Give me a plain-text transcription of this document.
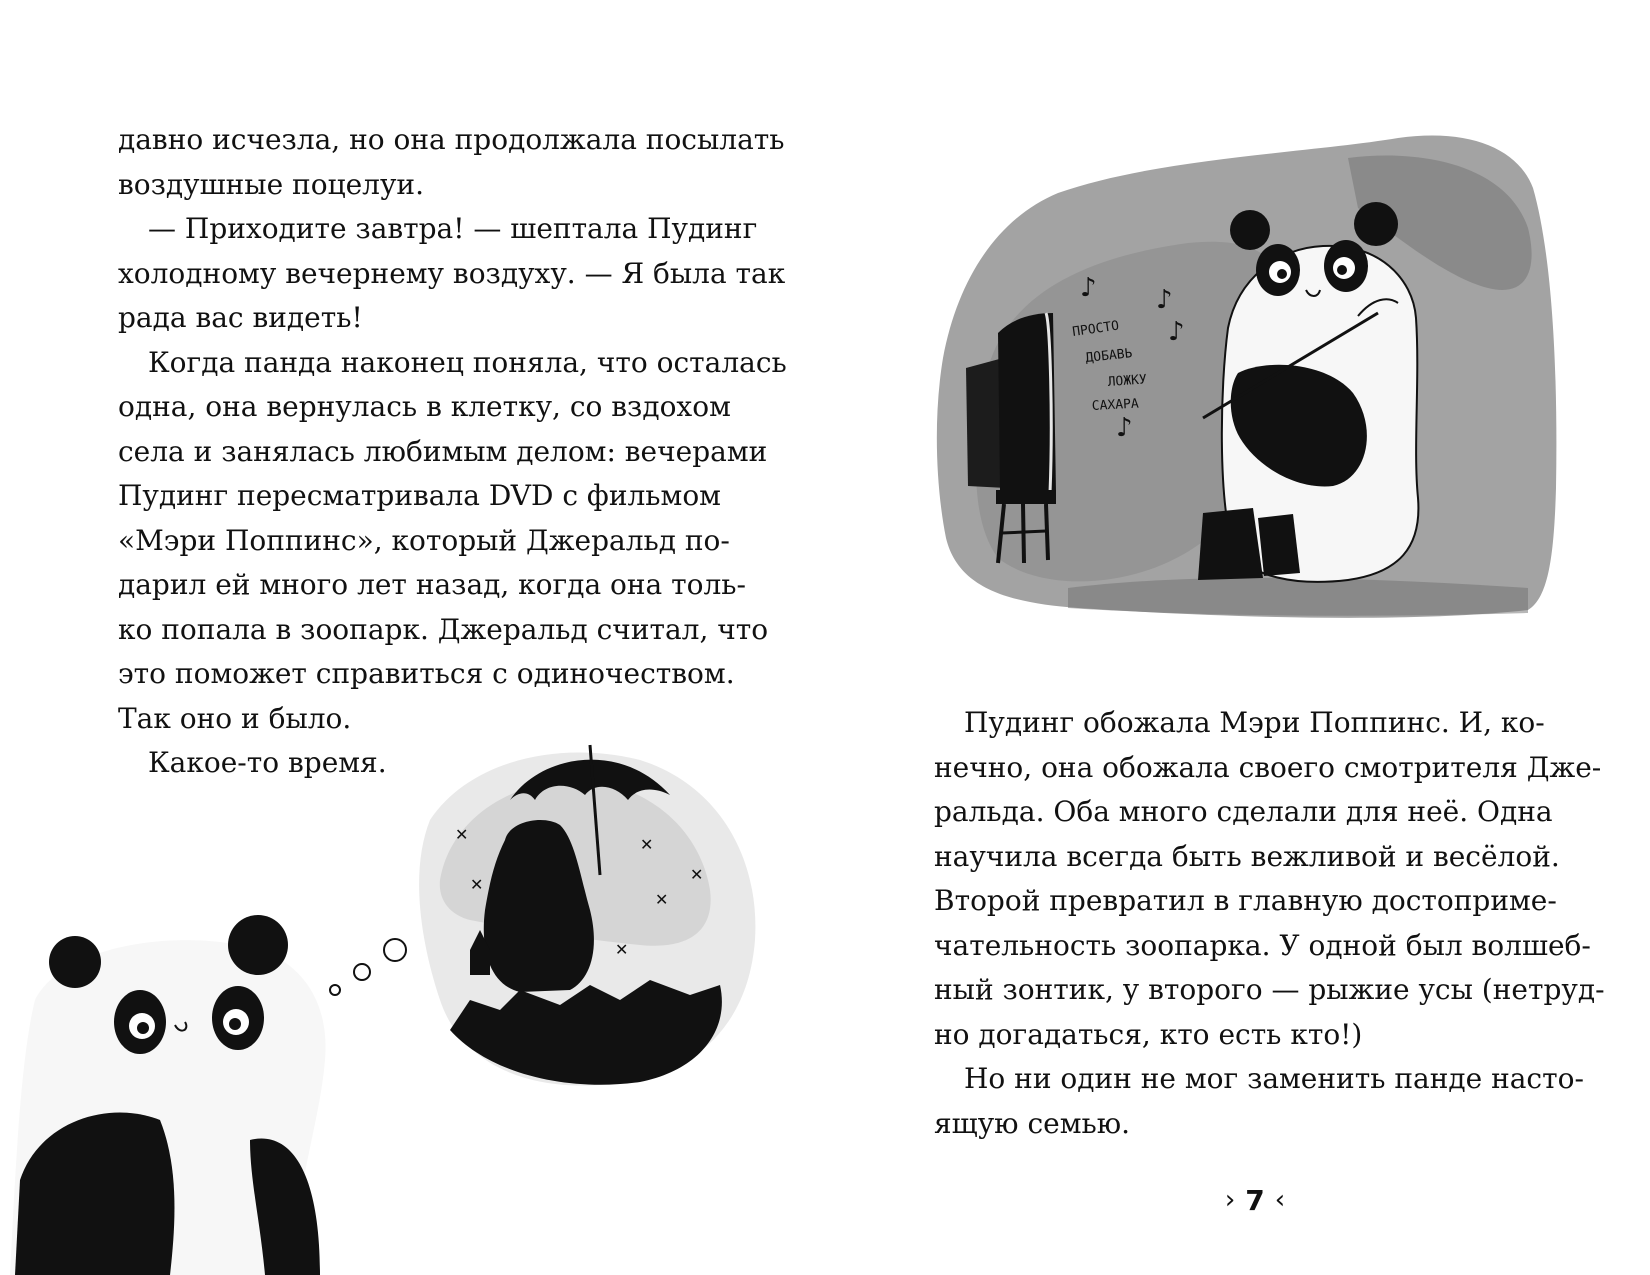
давно исчезла, но она продолжала посылать
воздушные поцелуи.
— Приходите завтра! — шептала Пудинг
холодному вечернему воздуху. — Я была так
рада вас видеть!
Когда панда наконец поняла, что осталась
одна, она вернулась в клетку, со вздохом
села и занялась любимым делом: вечерами
Пудинг пересматривала DVD с фильмом
«Мэри Поппинс», который Джеральд по-
дарил ей много лет назад, когда она толь-
ко попала в зоопарк. Джеральд считал, что
это поможет справиться с одиночеством.
Так оно и было.
Какое-то время.
Пудинг обожала Мэри Поппинс. И, ко-
нечно, она обожала своего смотрителя Дже-
ральда. Оба много сделали для неё. Одна
научила всегда быть вежливой и весёлой.
Второй превратил в главную достоприме-
чательность зоопарка. У одной был волшеб-
ный зонтик, у второго — рыжие усы (нетруд-
но догадаться, кто есть кто!)
Но ни один не мог заменить панде насто-
ящую семью.
ПРОСТО
ДОБАВЬ
ЛОЖКУ
САХАРА
♪ ♪
♪
♪
✕
✕
✕
✕
✕
✕
› 7 ‹
